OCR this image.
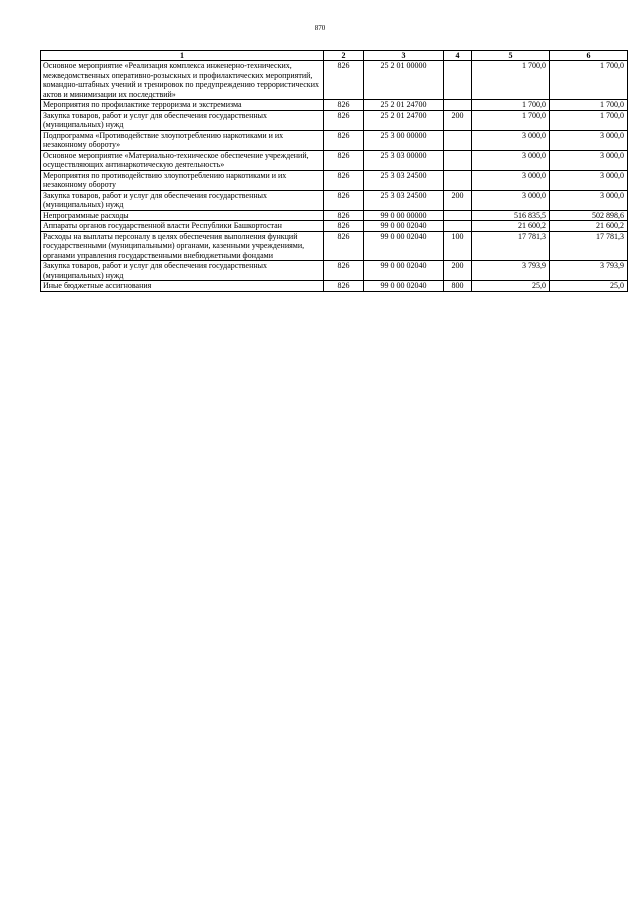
870
1	2	3	4	5	6
Основное мероприятие «Реализация комплекса инженерно-технических, межведомственных оперативно-розыскных и профилактических мероприятий, командно-штабных учений и тренировок по предупреждению террористических актов и минимизации их последствий»	826	25 2 01 00000		1 700,0	1 700,0
Мероприятия по профилактике терроризма и экстремизма	826	25 2 01 24700		1 700,0	1 700,0
Закупка товаров, работ и услуг для обеспечения государственных (муниципальных) нужд	826	25 2 01 24700	200	1 700,0	1 700,0
Подпрограмма «Противодействие злоупотреблению наркотиками и их незаконному обороту»	826	25 3 00 00000		3 000,0	3 000,0
Основное мероприятие «Материально-техническое обеспечение учреждений, осуществляющих антинаркотическую деятельность»	826	25 3 03 00000		3 000,0	3 000,0
Мероприятия по противодействию злоупотреблению наркотиками и их незаконному обороту	826	25 3 03 24500		3 000,0	3 000,0
Закупка товаров, работ и услуг для обеспечения государственных (муниципальных) нужд	826	25 3 03 24500	200	3 000,0	3 000,0
Непрограммные расходы	826	99 0 00 00000		516 835,5	502 898,6
Аппараты органов государственной власти Республики Башкортостан	826	99 0 00 02040		21 600,2	21 600,2
Расходы на выплаты персоналу в целях обеспечения выполнения функций государственными (муниципальными) органами, казенными учреждениями, органами управления государственными внебюджетными фондами	826	99 0 00 02040	100	17 781,3	17 781,3
Закупка товаров, работ и услуг для обеспечения государственных (муниципальных) нужд	826	99 0 00 02040	200	3 793,9	3 793,9
Иные бюджетные ассигнования	826	99 0 00 02040	800	25,0	25,0
